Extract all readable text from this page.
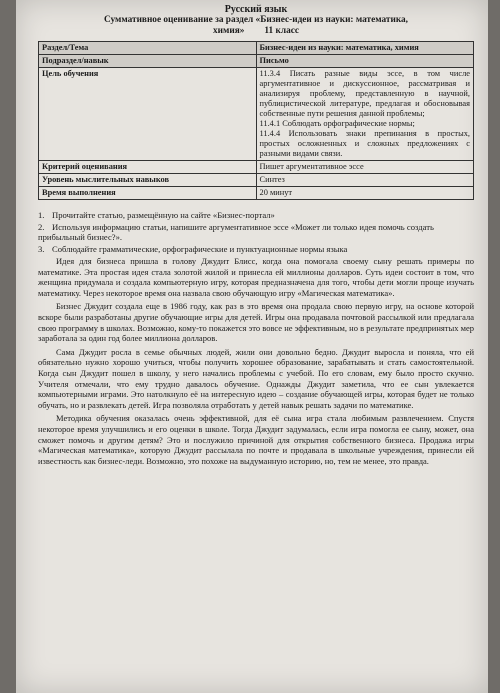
Русский язык
Суммативное оценивание за раздел «Бизнес-идеи из науки: математика,
химия» 11 класс
Раздел/Тема	Бизнес-идеи из науки: математика, химия
Подраздел/навык	Письмо
Цель обучения	11.3.4 Писать разные виды эссе, в том числе аргументативное и дискуссионное, рассматривая и анализируя проблему, представленную в научной, публицистической литературе, предлагая и обосновывая собственные пути решения данной проблемы;

11.4.1 Соблюдать орфографические нормы;

11.4.4 Использовать знаки препинания в простых, простых осложненных и сложных предложениях с разными видами связи.

Критерий оценивания	Пишет аргументативное эссе
Уровень мыслительных навыков	Синтез
Время выполнения	20 минут
1. Прочитайте статью, размещённую на сайте «Бизнес-портал»
2. Используя информацию статьи, напишите аргументативное эссе «Может ли только идея помочь создать прибыльный бизнес?».
3. Соблюдайте грамматические, орфографические и пунктуационные нормы языка

Идея для бизнеса пришла в голову Джудит Блисс, когда она помогала своему сыну решать примеры по математике. Эта простая идея стала золотой жилой и принесла ей миллионы долларов. Суть идеи состоит в том, что женщина придумала и создала компьютерную игру, которая предназначена для того, чтобы дети могли проще изучать математику. Через некоторое время она назвала свою обучающую игру «Магическая математика».

Бизнес Джудит создала еще в 1986 году, как раз в это время она продала свою первую игру, на основе которой вскоре были разработаны другие обучающие игры для детей. Игры она продавала почтовой рассылкой или предлагала свою программу в школах. Возможно, кому-то покажется это вовсе не эффективным, но в результате предпринятых мер заработала за один год более миллиона долларов.

Сама Джудит росла в семье обычных людей, жили они довольно бедно. Джудит выросла и поняла, что ей обязательно нужно хорошо учиться, чтобы получить хорошее образование, зарабатывать и стать самостоятельной. Когда сын Джудит пошел в школу, у него начались проблемы с учебой. По его словам, ему было просто скучно. Учителя отмечали, что ему трудно давалось обучение. Однажды Джудит заметила, что ее сын увлекается компьютерными играми. Это натолкнуло её на интересную идею – создание обучающей игры, которая будет не только обучать, но и развлекать детей. Игра позволяла отработать у детей навык решать задачи по математике.

Методика обучения оказалась очень эффективной, для её сына игра стала любимым развлечением. Спустя некоторое время улучшились и его оценки в школе. Тогда Джудит задумалась, если игра помогла ее сыну, может, она сможет помочь и другим детям? Это и послужило причиной для открытия собственного бизнеса. Продажа игры «Магическая математика», которую Джудит рассылала по почте и продавала в школьные учреждения, принесли ей известность как бизнес-леди. Возможно, это похоже на выдуманную историю, но, тем не менее, это правда.
